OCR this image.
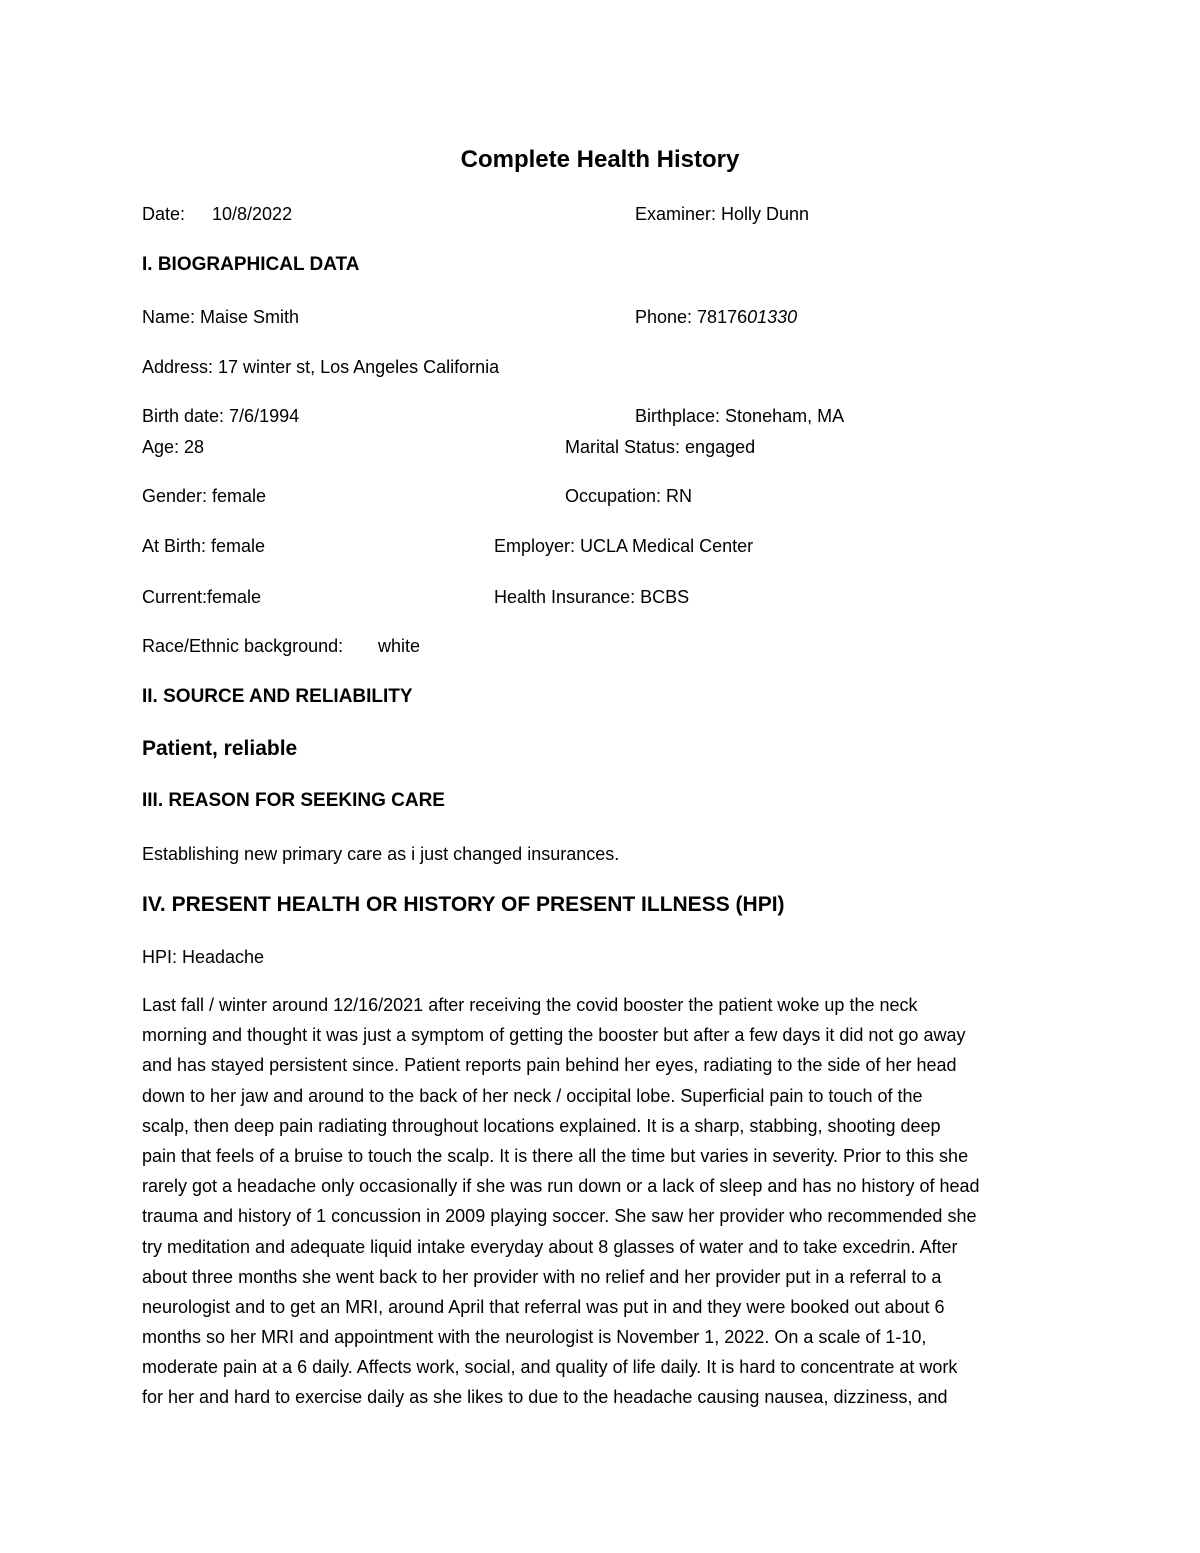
Complete Health History
Date: 10/8/2022	Examiner: Holly Dunn
I. BIOGRAPHICAL DATA
Name: Maise Smith	Phone: 7817601330
Address: 17 winter st, Los Angeles California
Birth date: 7/6/1994	Birthplace: Stoneham, MA
Age: 28	Marital Status: engaged
Gender: female	Occupation: RN
At Birth: female	Employer: UCLA Medical Center
Current:female	Health Insurance: BCBS
Race/Ethnic background: white
II. SOURCE AND RELIABILITY
Patient, reliable
III. REASON FOR SEEKING CARE
Establishing new primary care as i just changed insurances.
IV. PRESENT HEALTH OR HISTORY OF PRESENT ILLNESS (HPI)
HPI: Headache
Last fall / winter around 12/16/2021 after receiving the covid booster the patient woke up the neck
morning and thought it was just a symptom of getting the booster but after a few days it did not go away
and has stayed persistent since. Patient reports pain behind her eyes, radiating to the side of her head
down to her jaw and around to the back of her neck / occipital lobe. Superficial pain to touch of the
scalp, then deep pain radiating throughout locations explained. It is a sharp, stabbing, shooting deep
pain that feels of a bruise to touch the scalp. It is there all the time but varies in severity. Prior to this she
rarely got a headache only occasionally if she was run down or a lack of sleep and has no history of head
trauma and history of 1 concussion in 2009 playing soccer. She saw her provider who recommended she
try meditation and adequate liquid intake everyday about 8 glasses of water and to take excedrin. After
about three months she went back to her provider with no relief and her provider put in a referral to a
neurologist and to get an MRI, around April that referral was put in and they were booked out about 6
months so her MRI and appointment with the neurologist is November 1, 2022. On a scale of 1-10,
moderate pain at a 6 daily. Affects work, social, and quality of life daily. It is hard to concentrate at work
for her and hard to exercise daily as she likes to due to the headache causing nausea, dizziness, and
